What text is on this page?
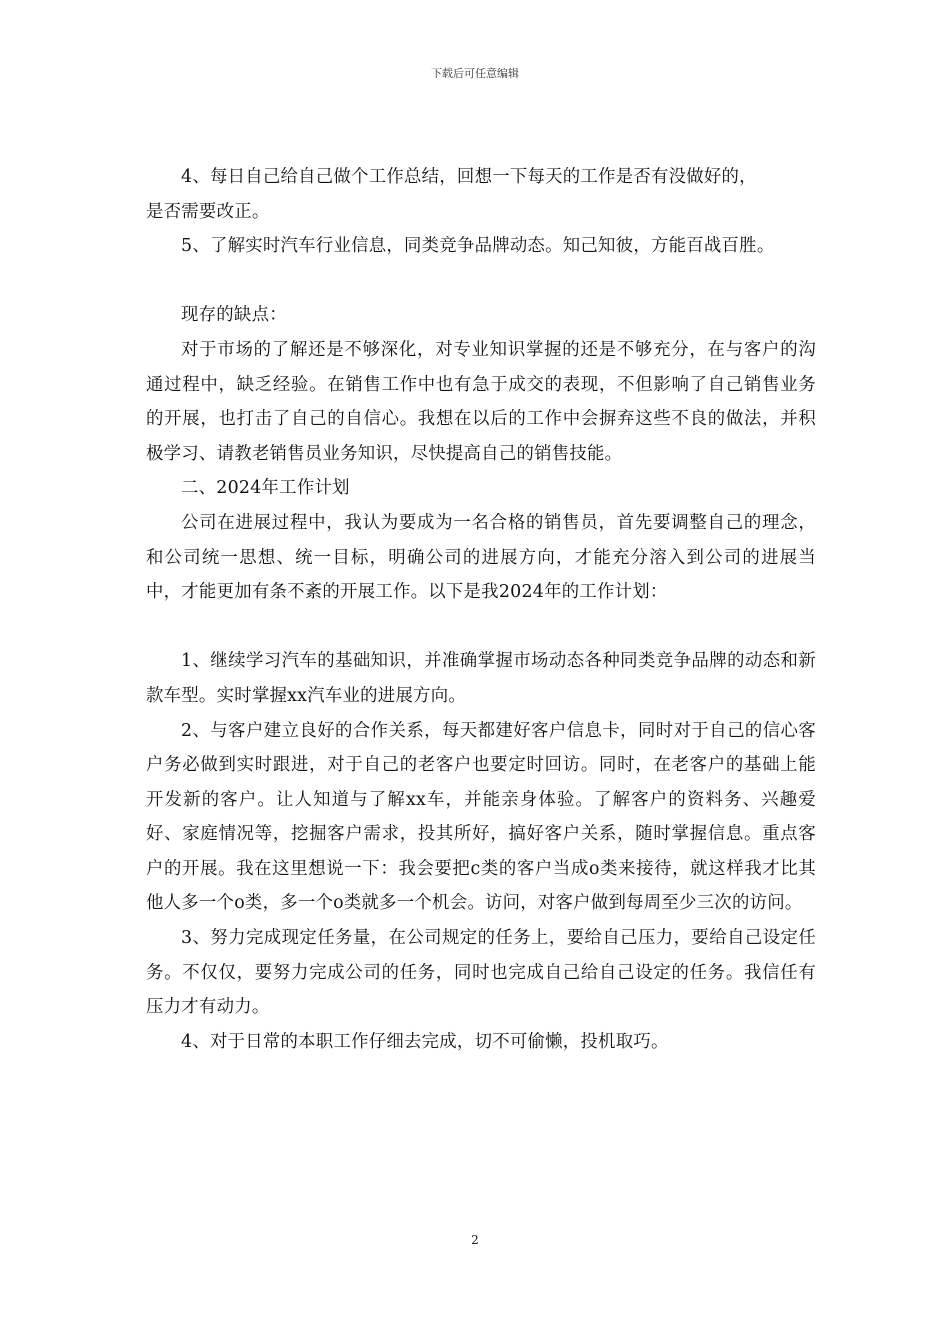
下载后可任意编辑

4、每日自己给自己做个工作总结，回想一下每天的工作是否有没做好的，

是否需要改正。

5、了解实时汽车行业信息，同类竞争品牌动态。知己知彼，方能百战百胜。

现存的缺点：

对于市场的了解还是不够深化，对专业知识掌握的还是不够充分，在与客户的沟通过程中，缺乏经验。在销售工作中也有急于成交的表现，不但影响了自己销售业务的开展，也打击了自己的自信心。我想在以后的工作中会摒弃这些不良的做法，并积极学习、请教老销售员业务知识，尽快提高自己的销售技能。

二、2024年工作计划

公司在进展过程中，我认为要成为一名合格的销售员，首先要调整自己的理念，和公司统一思想、统一目标，明确公司的进展方向，才能充分溶入到公司的进展当中，才能更加有条不紊的开展工作。以下是我2024年的工作计划：

1、继续学习汽车的基础知识，并准确掌握市场动态各种同类竞争品牌的动态和新款车型。实时掌握xx汽车业的进展方向。

2、与客户建立良好的合作关系，每天都建好客户信息卡，同时对于自己的信心客户务必做到实时跟进，对于自己的老客户也要定时回访。同时，在老客户的基础上能开发新的客户。让人知道与了解xx车，并能亲身体验。了解客户的资料务、兴趣爱好、家庭情况等，挖掘客户需求，投其所好，搞好客户关系，随时掌握信息。重点客户的开展。我在这里想说一下：我会要把c类的客户当成o类来接待，就这样我才比其他人多一个o类，多一个o类就多一个机会。访问，对客户做到每周至少三次的访问。

3、努力完成现定任务量，在公司规定的任务上，要给自己压力，要给自己设定任务。不仅仅，要努力完成公司的任务，同时也完成自己给自己设定的任务。我信任有压力才有动力。

4、对于日常的本职工作仔细去完成，切不可偷懒，投机取巧。

2
